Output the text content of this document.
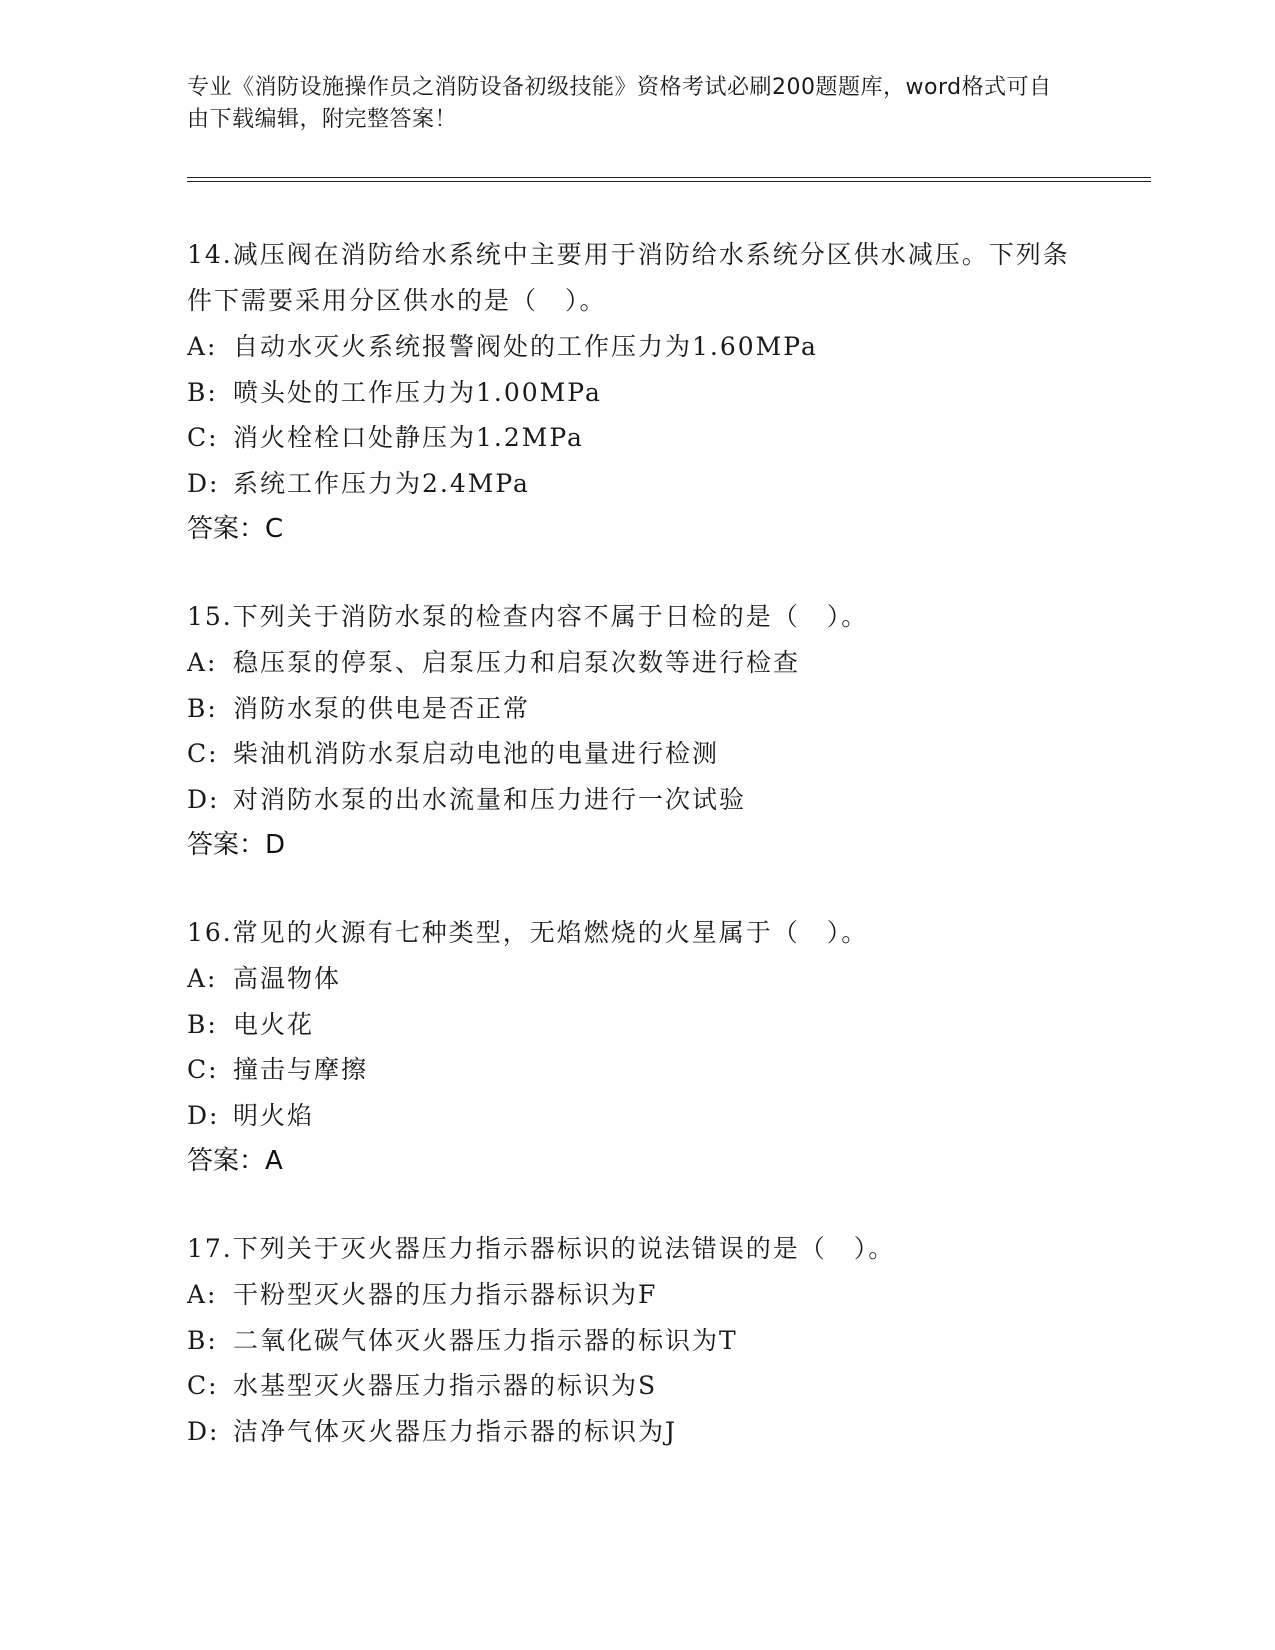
专业《消防设施操作员之消防设备初级技能》资格考试必刷200题题库，word格式可自由下载编辑，附完整答案！

14.减压阀在消防给水系统中主要用于消防给水系统分区供水减压。下列条件下需要采用分区供水的是（　）。

A: 自动水灭火系统报警阀处的工作压力为1.60MPa

B: 喷头处的工作压力为1.00MPa

C: 消火栓栓口处静压为1.2MPa

D: 系统工作压力为2.4MPa

答案：C

15.下列关于消防水泵的检查内容不属于日检的是（　）。

A: 稳压泵的停泵、启泵压力和启泵次数等进行检查

B: 消防水泵的供电是否正常

C: 柴油机消防水泵启动电池的电量进行检测

D: 对消防水泵的出水流量和压力进行一次试验

答案：D

16.常见的火源有七种类型，无焰燃烧的火星属于（　）。

A: 高温物体

B: 电火花

C: 撞击与摩擦

D: 明火焰

答案：A

17.下列关于灭火器压力指示器标识的说法错误的是（　）。

A: 干粉型灭火器的压力指示器标识为F

B: 二氧化碳气体灭火器压力指示器的标识为T

C: 水基型灭火器压力指示器的标识为S

D: 洁净气体灭火器压力指示器的标识为J
